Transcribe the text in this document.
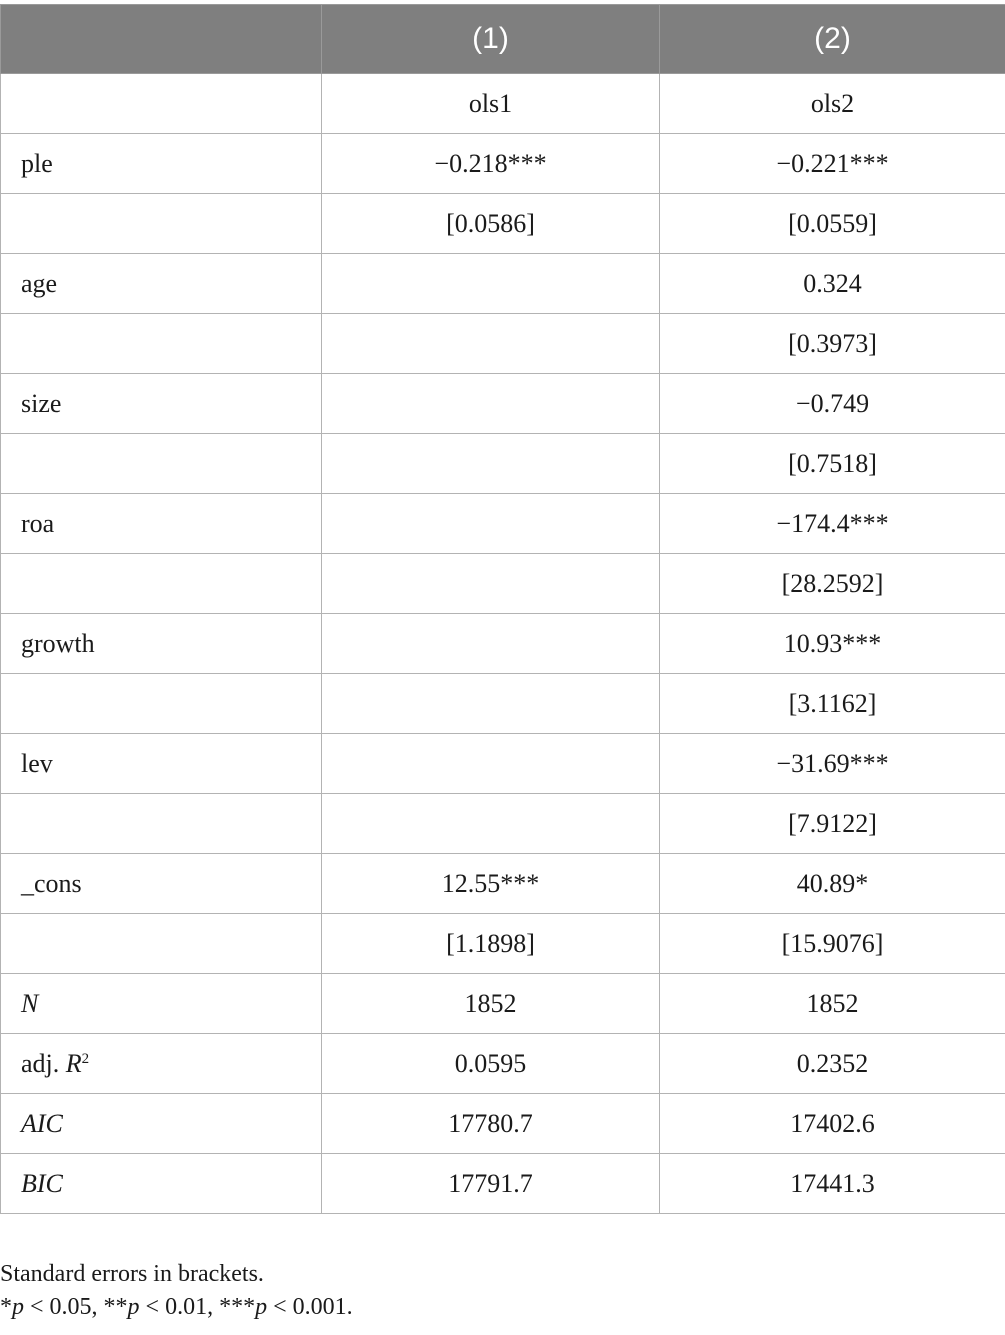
	(1)	(2)
	ols1	ols2
ple	−0.218***	−0.221***
	[0.0586]	[0.0559]
age		0.324
		[0.3973]
size		−0.749
		[0.7518]
roa		−174.4***
		[28.2592]
growth		10.93***
		[3.1162]
lev		−31.69***
		[7.9122]
_cons	12.55***	40.89*
	[1.1898]	[15.9076]
N	1852	1852
adj. $R^2$	0.0595	0.2352
AIC	17780.7	17402.6
BIC	17791.7	17441.3
Standard errors in brackets.
*p < 0.05, **p < 0.01, ***p < 0.001.
